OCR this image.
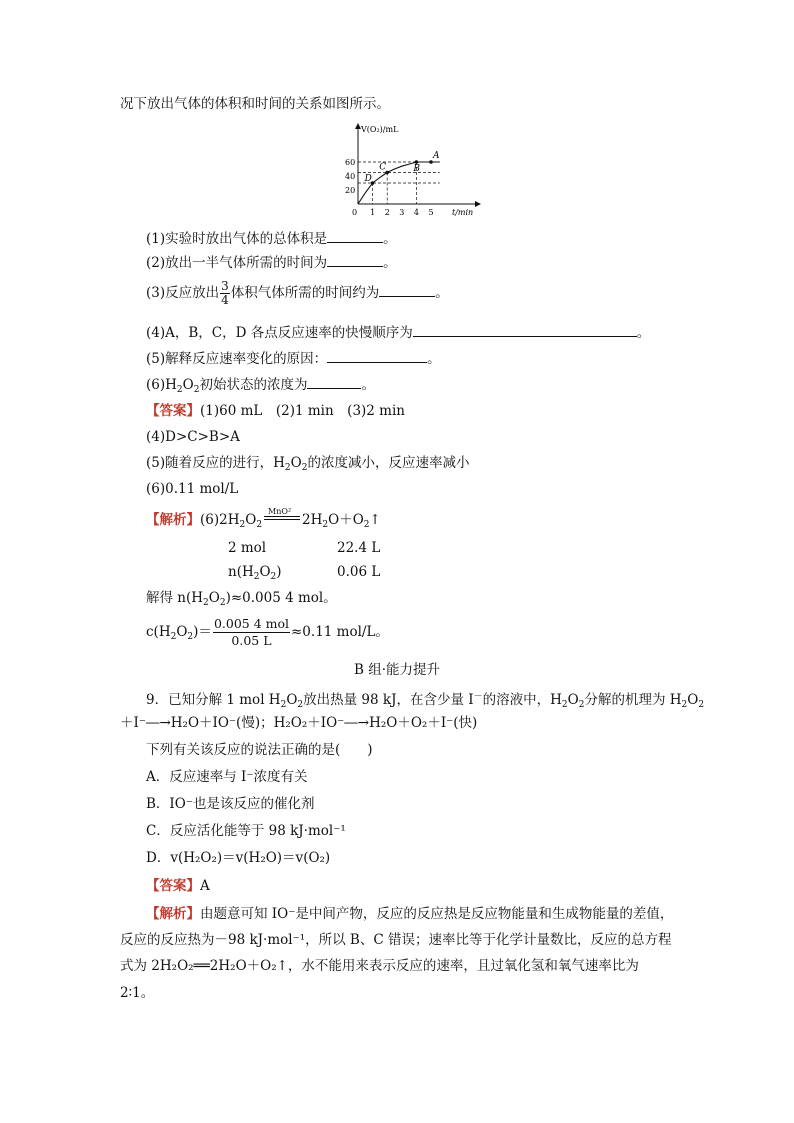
况下放出气体的体积和时间的关系如图所示。
D
C	B
A
1 2 3 4 5
20
40
60
V(O₂)/mL
t/min
0
(1)实验时放出气体的总体积是	。
(2)放出一半气体所需的时间为	。
(3)反应放出 $\frac{3}{4}$ 体积气体所需的时间约为	。
(4)A，B，C，D 各点反应速率的快慢顺序为	。
(5)解释反应速率变化的原因：	。
$(6)H_2O_2$初始状态的浓度为	。
【答案】(1)60 mL　(2)1 min　(3)2 min
(4)D>C>B>A
(5)随着反应的进行，$H_2O_2$的浓度减小，反应速率减小
(6)0.11 mol/L
【解析】$(6)2H_2O_2$
MnO²
$2H_2O+O_2↑$
2 mol	22.4 L
$n(H_2O_2)$	0.06 L
解得 $n(H_2O_2)\approx 0.005$ 4 mol。
$c(H_2O_2)= \frac{\text{0.005 4 mol}}{0.05 L} \approx 0.11$ mol/L。
B 组·能力提升
9．已知分解 1 mol $H_2O_2$放出热量 98 kJ，在含少量 I－的溶液中，$H_2O_2$分解的机理为 $H_2O_2$
＋I⁻―→H₂O＋IO⁻(慢)；H₂O₂＋IO⁻―→H₂O＋O₂＋I⁻(快)
下列有关该反应的说法正确的是(　　)
A．反应速率与 I⁻浓度有关
B．IO⁻也是该反应的催化剂
C．反应活化能等于 98 kJ·mol⁻¹
D．v(H₂O₂)＝v(H₂O)＝v(O₂)
【答案】A
【解析】由题意可知 IO⁻是中间产物，反应的反应热是反应物能量和生成物能量的差值，
反应的反应热为－98 kJ·mol⁻¹，所以 B、C 错误；速率比等于化学计量数比，反应的总方程
式为 2H₂O₂══2H₂O＋O₂↑，水不能用来表示反应的速率，且过氧化氢和氧气速率比为
2∶1。
